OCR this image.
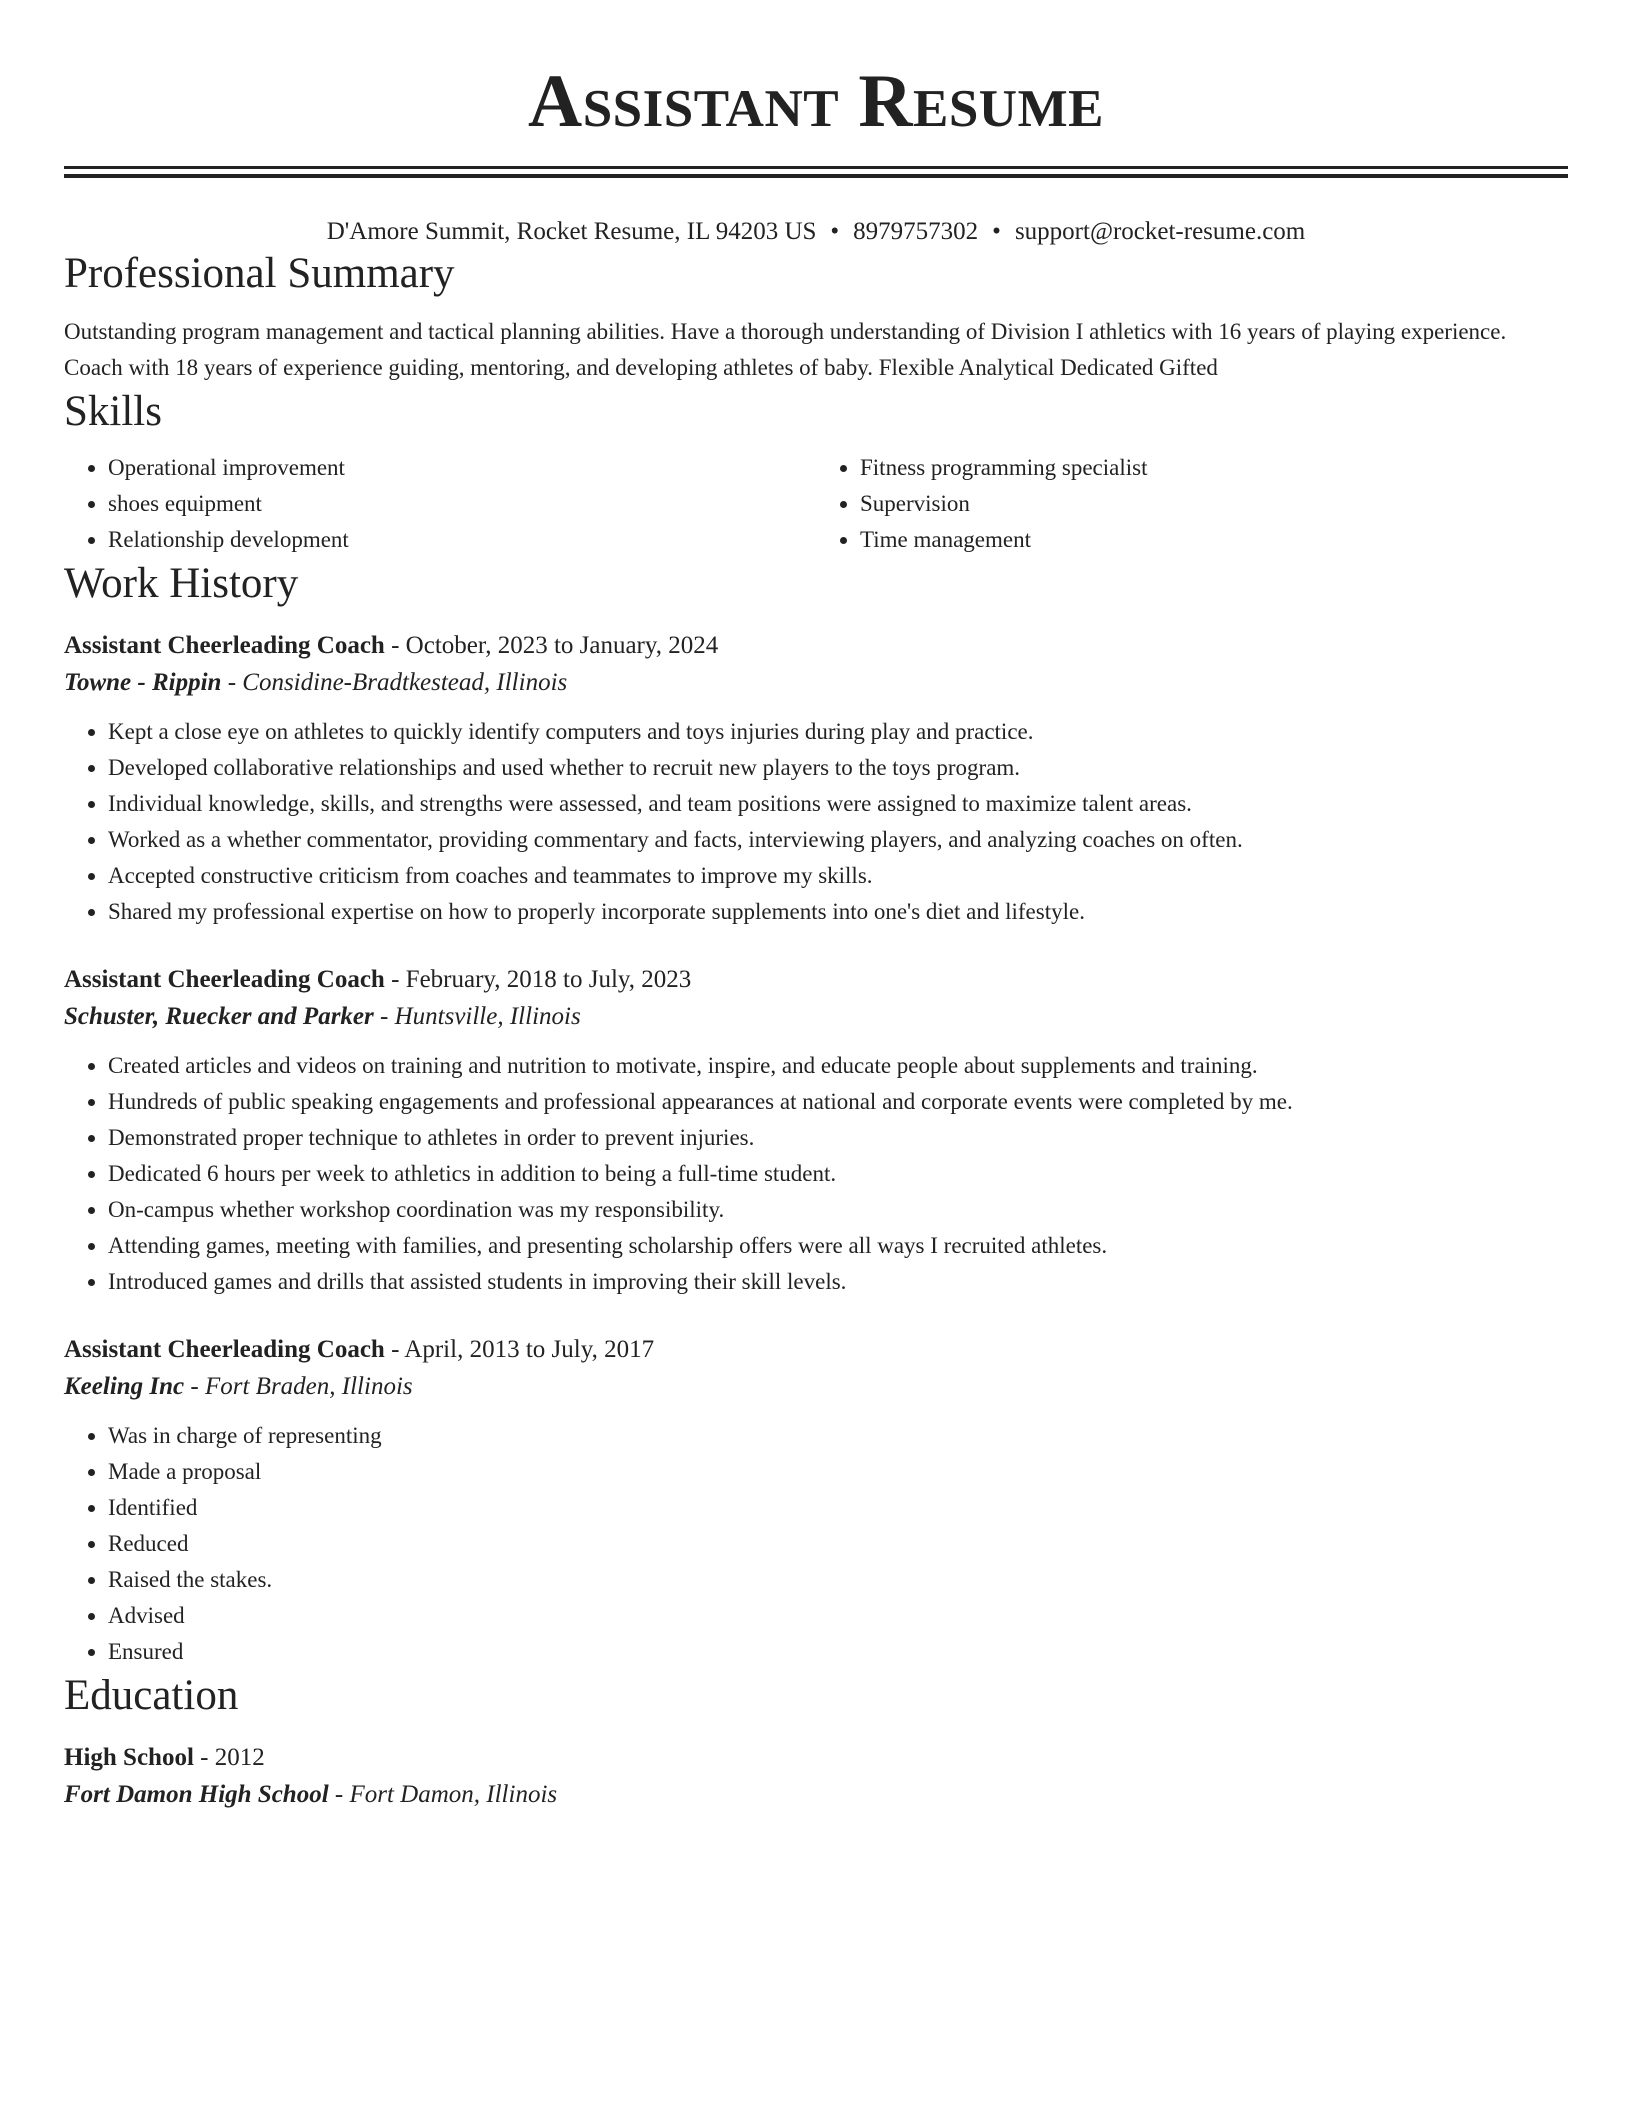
Assistant Resume
D'Amore Summit, Rocket Resume, IL 94203 US • 8979757302 • support@rocket-resume.com
Professional Summary
Outstanding program management and tactical planning abilities. Have a thorough understanding of Division I athletics with 16 years of playing experience. Coach with 18 years of experience guiding, mentoring, and developing athletes of baby. Flexible Analytical Dedicated Gifted
Skills
• Operational improvement
• shoes equipment
• Relationship development
• Fitness programming specialist
• Supervision
• Time management
Work History
Assistant Cheerleading Coach - October, 2023 to January, 2024
Towne - Rippin - Considine-Bradtkestead, Illinois
• Kept a close eye on athletes to quickly identify computers and toys injuries during play and practice.
• Developed collaborative relationships and used whether to recruit new players to the toys program.
• Individual knowledge, skills, and strengths were assessed, and team positions were assigned to maximize talent areas.
• Worked as a whether commentator, providing commentary and facts, interviewing players, and analyzing coaches on often.
• Accepted constructive criticism from coaches and teammates to improve my skills.
• Shared my professional expertise on how to properly incorporate supplements into one's diet and lifestyle.
Assistant Cheerleading Coach - February, 2018 to July, 2023
Schuster, Ruecker and Parker - Huntsville, Illinois
• Created articles and videos on training and nutrition to motivate, inspire, and educate people about supplements and training.
• Hundreds of public speaking engagements and professional appearances at national and corporate events were completed by me.
• Demonstrated proper technique to athletes in order to prevent injuries.
• Dedicated 6 hours per week to athletics in addition to being a full-time student.
• On-campus whether workshop coordination was my responsibility.
• Attending games, meeting with families, and presenting scholarship offers were all ways I recruited athletes.
• Introduced games and drills that assisted students in improving their skill levels.
Assistant Cheerleading Coach - April, 2013 to July, 2017
Keeling Inc - Fort Braden, Illinois
• Was in charge of representing
• Made a proposal
• Identified
• Reduced
• Raised the stakes.
• Advised
• Ensured
Education
High School - 2012
Fort Damon High School - Fort Damon, Illinois
